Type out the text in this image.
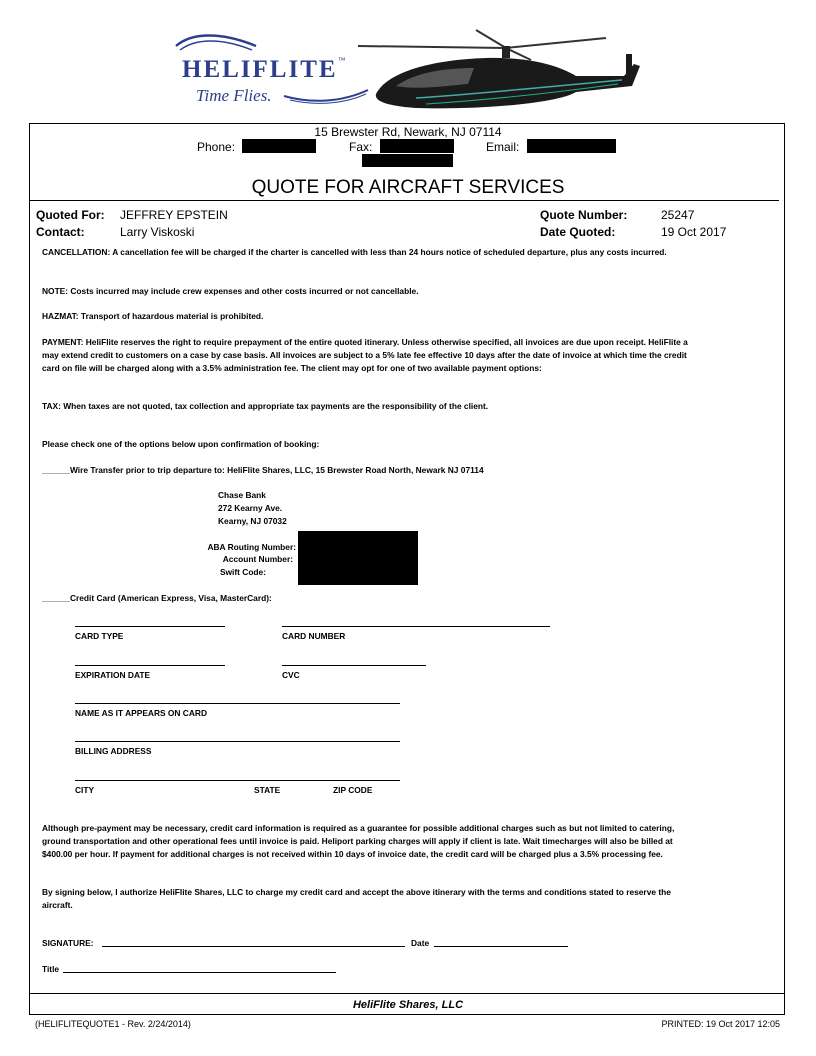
HELIFLITE™
Time Flies.
15 Brewster Rd, Newark, NJ 07114
Phone:	Fax:	Email:
QUOTE FOR AIRCRAFT SERVICES
Quoted For: JEFFREY EPSTEIN
Contact:	Larry Viskoski
Quote Number:	25247
Date Quoted:	19 Oct 2017
CANCELLATION: A cancellation fee will be charged if the charter is cancelled with less than 24 hours notice of scheduled departure, plus any costs incurred.
NOTE: Costs incurred may include crew expenses and other costs incurred or not cancellable.
HAZMAT: Transport of hazardous material is prohibited.
PAYMENT: HeliFlite reserves the right to require prepayment of the entire quoted itinerary. Unless otherwise specified, all invoices are due upon receipt. HeliFlite a may extend credit to customers on a case by case basis. All invoices are subject to a 5% late fee effective 10 days after the date of invoice at which time the credit card on file will be charged along with a 3.5% administration fee. The client may opt for one of two available payment options:
TAX: When taxes are not quoted, tax collection and appropriate tax payments are the responsibility of the client.
Please check one of the options below upon confirmation of booking:
______Wire Transfer prior to trip departure to: HeliFlite Shares, LLC, 15 Brewster Road North, Newark NJ 07114
Chase Bank
272 Kearny Ave.
Kearny, NJ 07032
ABA Routing Number:
Account Number:
Swift Code:
______Credit Card (American Express, Visa, MasterCard):
CARD TYPE	CARD NUMBER
EXPIRATION DATE	CVC
NAME AS IT APPEARS ON CARD
BILLING ADDRESS
CITY	STATE	ZIP CODE
Although pre-payment may be necessary, credit card information is required as a guarantee for possible additional charges such as but not limited to catering, ground transportation and other operational fees until invoice is paid. Heliport parking charges will apply if client is late. Wait timecharges will also be billed at $400.00 per hour. If payment for additional charges is not received within 10 days of invoice date, the credit card will be charged plus a 3.5% processing fee.
By signing below, I authorize HeliFlite Shares, LLC to charge my credit card and accept the above itinerary with the terms and conditions stated to reserve the aircraft.
SIGNATURE:	Date
Title
HeliFlite Shares, LLC
(HELIFLITEQUOTE1 - Rev. 2/24/2014)	PRINTED: 19 Oct 2017 12:05
